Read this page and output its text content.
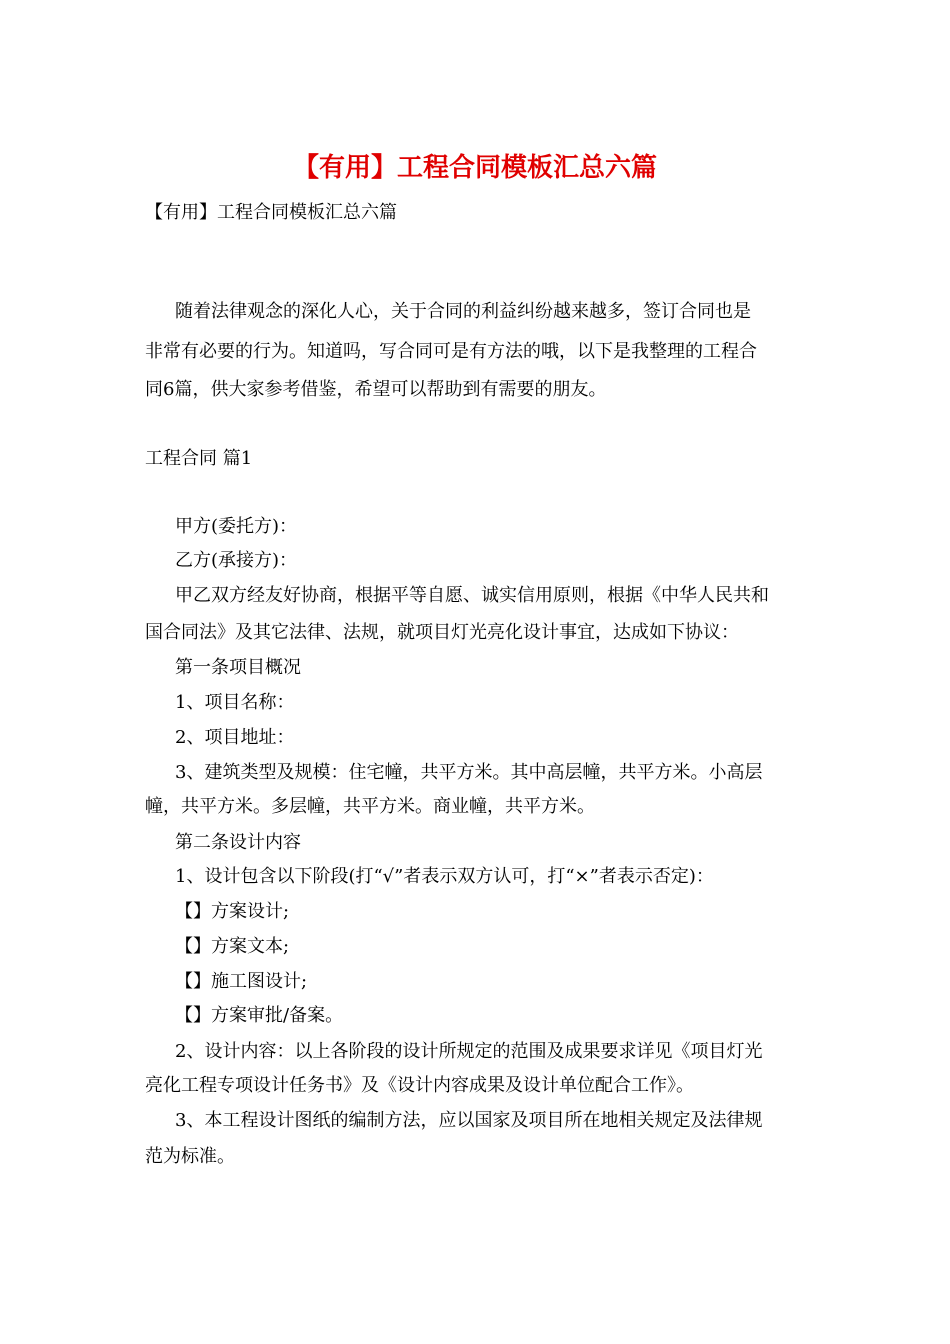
【有用】工程合同模板汇总六篇
【有用】工程合同模板汇总六篇
随着法律观念的深化人心，关于合同的利益纠纷越来越多，签订合同也是
非常有必要的行为。知道吗，写合同可是有方法的哦，以下是我整理的工程合
同6篇，供大家参考借鉴，希望可以帮助到有需要的朋友。
工程合同 篇1
甲方(委托方)：
乙方(承接方)：
甲乙双方经友好协商，根据平等自愿、诚实信用原则，根据《中华人民共和
国合同法》及其它法律、法规，就项目灯光亮化设计事宜，达成如下协议：
第一条项目概况
1、项目名称：
2、项目地址：
3、建筑类型及规模：住宅幢，共平方米。其中高层幢，共平方米。小高层
幢，共平方米。多层幢，共平方米。商业幢，共平方米。
第二条设计内容
1、设计包含以下阶段(打“√”者表示双方认可，打“×”者表示否定)：
【】方案设计;
【】方案文本;
【】施工图设计;
【】方案审批/备案。
2、设计内容：以上各阶段的设计所规定的范围及成果要求详见《项目灯光
亮化工程专项设计任务书》及《设计内容成果及设计单位配合工作》。
3、本工程设计图纸的编制方法，应以国家及项目所在地相关规定及法律规
范为标准。
